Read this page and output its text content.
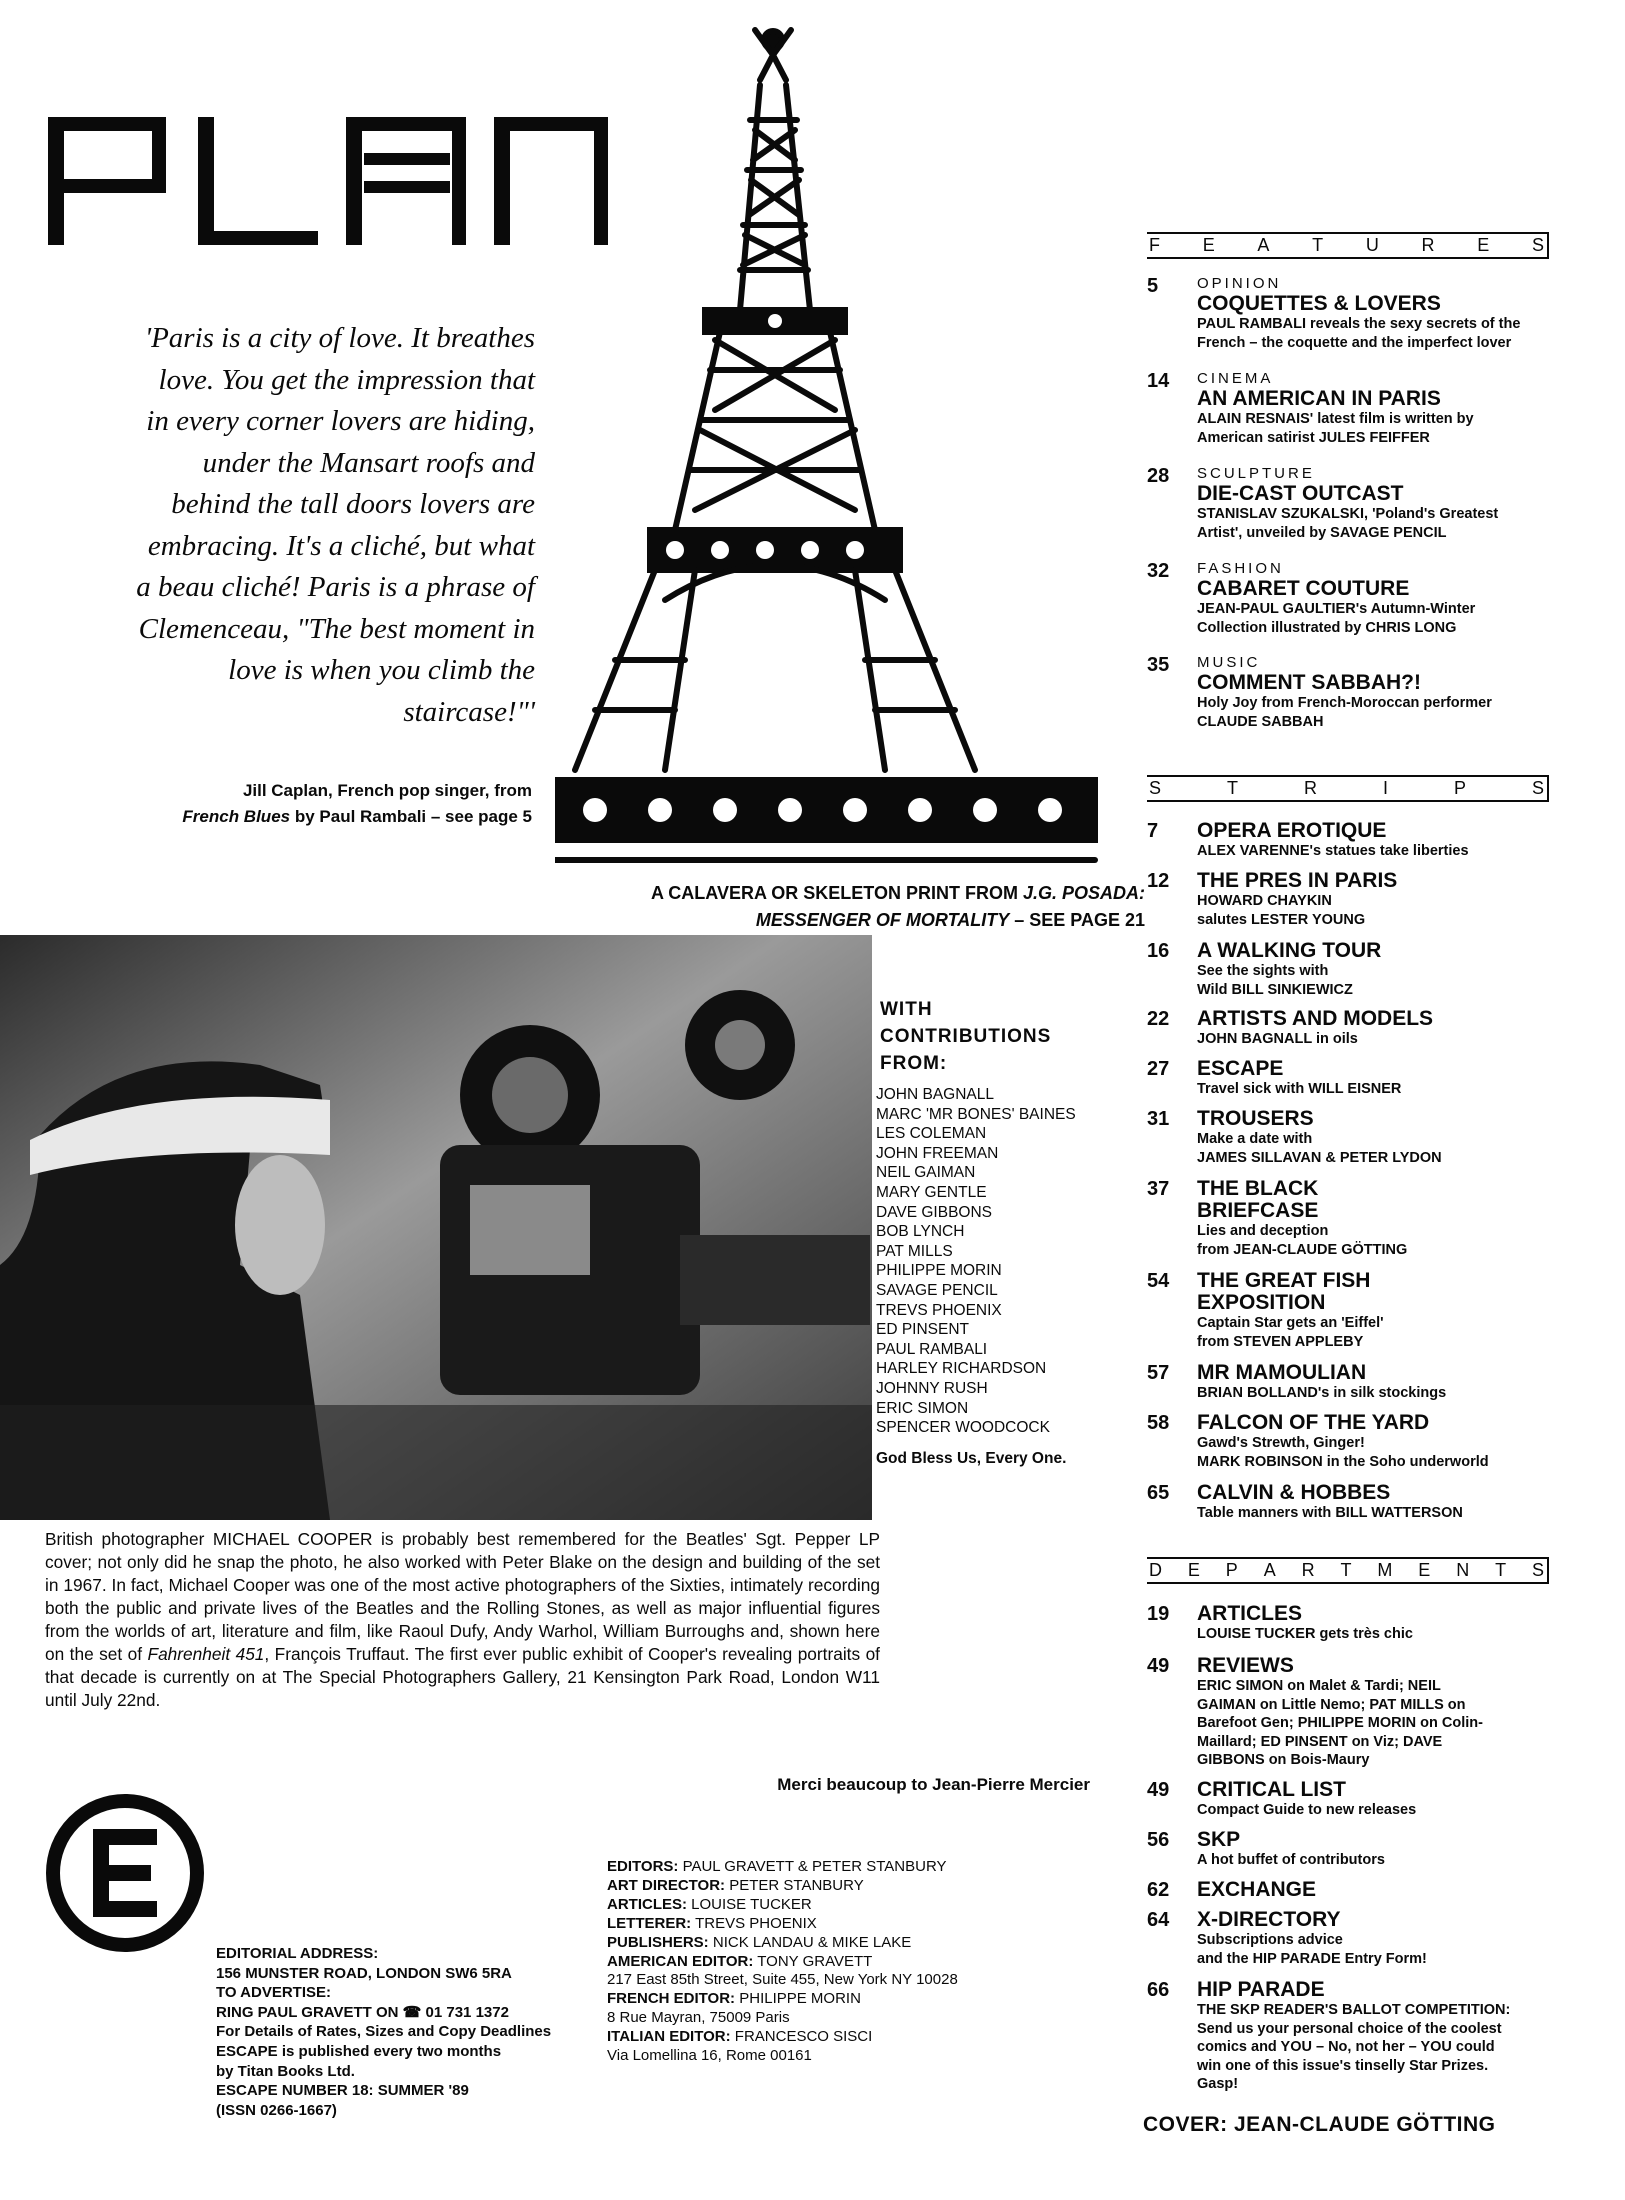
'Paris is a city of love. It breathes
love. You get the impression that
in every corner lovers are hiding,
under the Mansart roofs and
behind the tall doors lovers are
embracing. It's a cliché, but what
a beau cliché! Paris is a phrase of
Clemenceau, "The best moment in
love is when you climb the
staircase!"'
Jill Caplan, French pop singer, from
French Blues by Paul Rambali – see page 5
A CALAVERA OR SKELETON PRINT FROM J.G. POSADA:
MESSENGER OF MORTALITY – SEE PAGE 21
WITH CONTRIBUTIONS FROM:
JOHN BAGNALL
MARC 'MR BONES' BAINES
LES COLEMAN
JOHN FREEMAN
NEIL GAIMAN
MARY GENTLE
DAVE GIBBONS
BOB LYNCH
PAT MILLS
PHILIPPE MORIN
SAVAGE PENCIL
TREVS PHOENIX
ED PINSENT
PAUL RAMBALI
HARLEY RICHARDSON
JOHNNY RUSH
ERIC SIMON
SPENCER WOODCOCK
God Bless Us, Every One.
British photographer MICHAEL COOPER is probably best remembered for the Beatles' Sgt. Pepper LP cover; not only did he snap the photo, he also worked with Peter Blake on the design and building of the set in 1967. In fact, Michael Cooper was one of the most active photographers of the Sixties, intimately recording both the public and private lives of the Beatles and the Rolling Stones, as well as major influential figures from the worlds of art, literature and film, like Raoul Dufy, Andy Warhol, William Burroughs and, shown here on the set of Fahrenheit 451, François Truffaut. The first ever public exhibit of Cooper's revealing portraits of that decade is currently on at The Special Photographers Gallery, 21 Kensington Park Road, London W11 until July 22nd.
Merci beaucoup to Jean-Pierre Mercier
EDITORS: PAUL GRAVETT & PETER STANBURY
ART DIRECTOR: PETER STANBURY
ARTICLES: LOUISE TUCKER
LETTERER: TREVS PHOENIX
PUBLISHERS: NICK LANDAU & MIKE LAKE
AMERICAN EDITOR: TONY GRAVETT
217 East 85th Street, Suite 455, New York NY 10028
FRENCH EDITOR: PHILIPPE MORIN
8 Rue Mayran, 75009 Paris
ITALIAN EDITOR: FRANCESCO SISCI
Via Lomellina 16, Rome 00161
EDITORIAL ADDRESS:
156 MUNSTER ROAD, LONDON SW6 5RA
TO ADVERTISE:
RING PAUL GRAVETT ON ☎ 01 731 1372
For Details of Rates, Sizes and Copy Deadlines
ESCAPE is published every two months
by Titan Books Ltd.
ESCAPE NUMBER 18: SUMMER '89
(ISSN 0266-1667)
F E A T U R E S
5	OPINION
COQUETTES & LOVERS
PAUL RAMBALI reveals the sexy secrets of the
French – the coquette and the imperfect lover
14	CINEMA
AN AMERICAN IN PARIS
ALAIN RESNAIS' latest film is written by
American satirist JULES FEIFFER
28	SCULPTURE
DIE-CAST OUTCAST
STANISLAV SZUKALSKI, 'Poland's Greatest
Artist', unveiled by SAVAGE PENCIL
32	FASHION
CABARET COUTURE
JEAN-PAUL GAULTIER's Autumn-Winter
Collection illustrated by CHRIS LONG
35	MUSIC
COMMENT SABBAH?!
Holy Joy from French-Moroccan performer
CLAUDE SABBAH
S	T	R	I	P	S
7	OPERA EROTIQUE
ALEX VARENNE's statues take liberties
12	THE PRES IN PARIS
HOWARD CHAYKIN
salutes LESTER YOUNG
16	A WALKING TOUR
See the sights with
Wild BILL SINKIEWICZ
22	ARTISTS AND MODELS
JOHN BAGNALL in oils
27	ESCAPE
Travel sick with WILL EISNER
31	TROUSERS
Make a date with
JAMES SILLAVAN & PETER LYDON
37	THE BLACK
BRIEFCASE
Lies and deception
from JEAN-CLAUDE GÖTTING
54	THE GREAT FISH
EXPOSITION
Captain Star gets an 'Eiffel'
from STEVEN APPLEBY
57	MR MAMOULIAN
BRIAN BOLLAND's in silk stockings
58	FALCON OF THE YARD
Gawd's Strewth, Ginger!
MARK ROBINSON in the Soho underworld
65	CALVIN & HOBBES
Table manners with BILL WATTERSON
D E P A R T M E N T S
19	ARTICLES
LOUISE TUCKER gets très chic
49	REVIEWS
ERIC SIMON on Malet & Tardi; NEIL
GAIMAN on Little Nemo; PAT MILLS on
Barefoot Gen; PHILIPPE MORIN on Colin-
Maillard; ED PINSENT on Viz; DAVE
GIBBONS on Bois-Maury
49	CRITICAL LIST
Compact Guide to new releases
56	SKP
A hot buffet of contributors
62	EXCHANGE
64	X-DIRECTORY
Subscriptions advice
and the HIP PARADE Entry Form!
66	HIP PARADE
THE SKP READER'S BALLOT COMPETITION:
Send us your personal choice of the coolest
comics and YOU – No, not her – YOU could
win one of this issue's tinselly Star Prizes.
Gasp!
COVER: JEAN-CLAUDE GÖTTING
